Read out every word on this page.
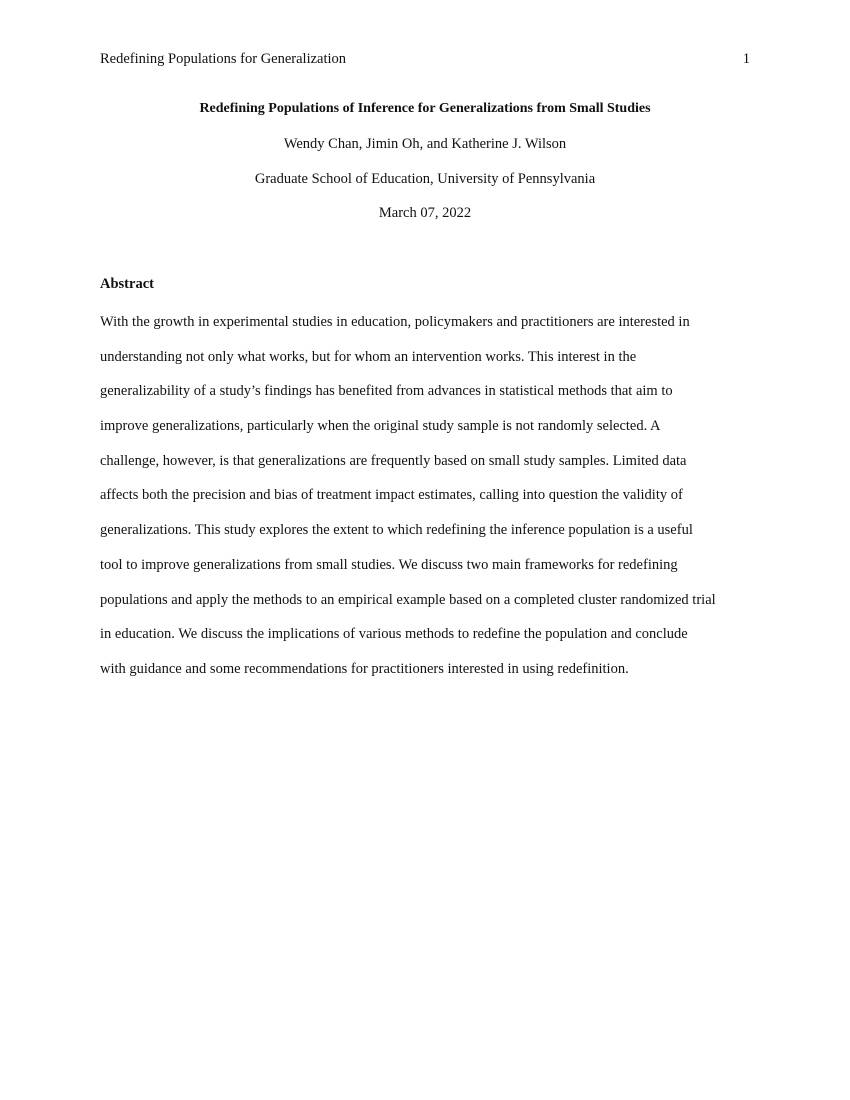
Redefining Populations for Generalization	1
Redefining Populations of Inference for Generalizations from Small Studies
Wendy Chan, Jimin Oh, and Katherine J. Wilson
Graduate School of Education, University of Pennsylvania
March 07, 2022
Abstract
With the growth in experimental studies in education, policymakers and practitioners are interested in
understanding not only what works, but for whom an intervention works. This interest in the
generalizability of a study’s findings has benefited from advances in statistical methods that aim to
improve generalizations, particularly when the original study sample is not randomly selected. A
challenge, however, is that generalizations are frequently based on small study samples. Limited data
affects both the precision and bias of treatment impact estimates, calling into question the validity of
generalizations. This study explores the extent to which redefining the inference population is a useful
tool to improve generalizations from small studies. We discuss two main frameworks for redefining
populations and apply the methods to an empirical example based on a completed cluster randomized trial
in education. We discuss the implications of various methods to redefine the population and conclude
with guidance and some recommendations for practitioners interested in using redefinition.
